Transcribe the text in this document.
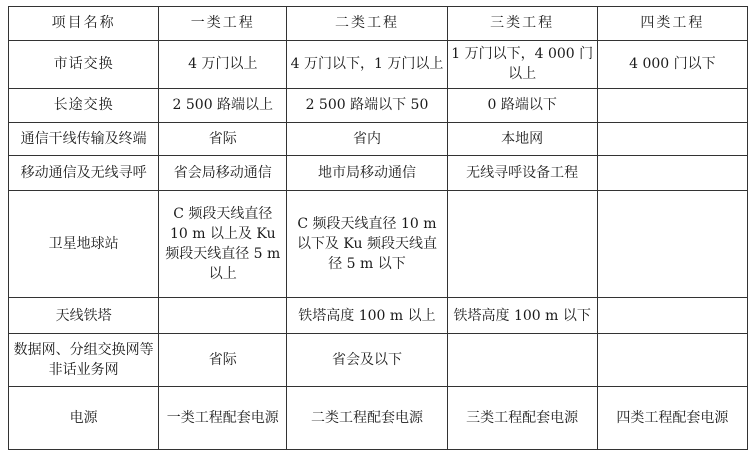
项目名称	一类工程	二类工程	三类工程	四类工程
市话交换	4 万门以上	4 万门以下，1 万门以上	1 万门以下，4 000 门以上	4 000 门以下
长途交换	2 500 路端以上	2 500 路端以下 50	0 路端以下	
通信干线传输及终端	省际	省内	本地网	
移动通信及无线寻呼	省会局移动通信	地市局移动通信	无线寻呼设备工程	
卫星地球站	C 频段天线直径 10 m 以上及 Ku 频段天线直径 5 m 以上	C 频段天线直径 10 m 以下及 Ku 频段天线直径 5 m 以下		
天线铁塔		铁塔高度 100 m 以上	铁塔高度 100 m 以下	
数据网、分组交换网等非话业务网	省际	省会及以下		
电源	一类工程配套电源	二类工程配套电源	三类工程配套电源	四类工程配套电源
